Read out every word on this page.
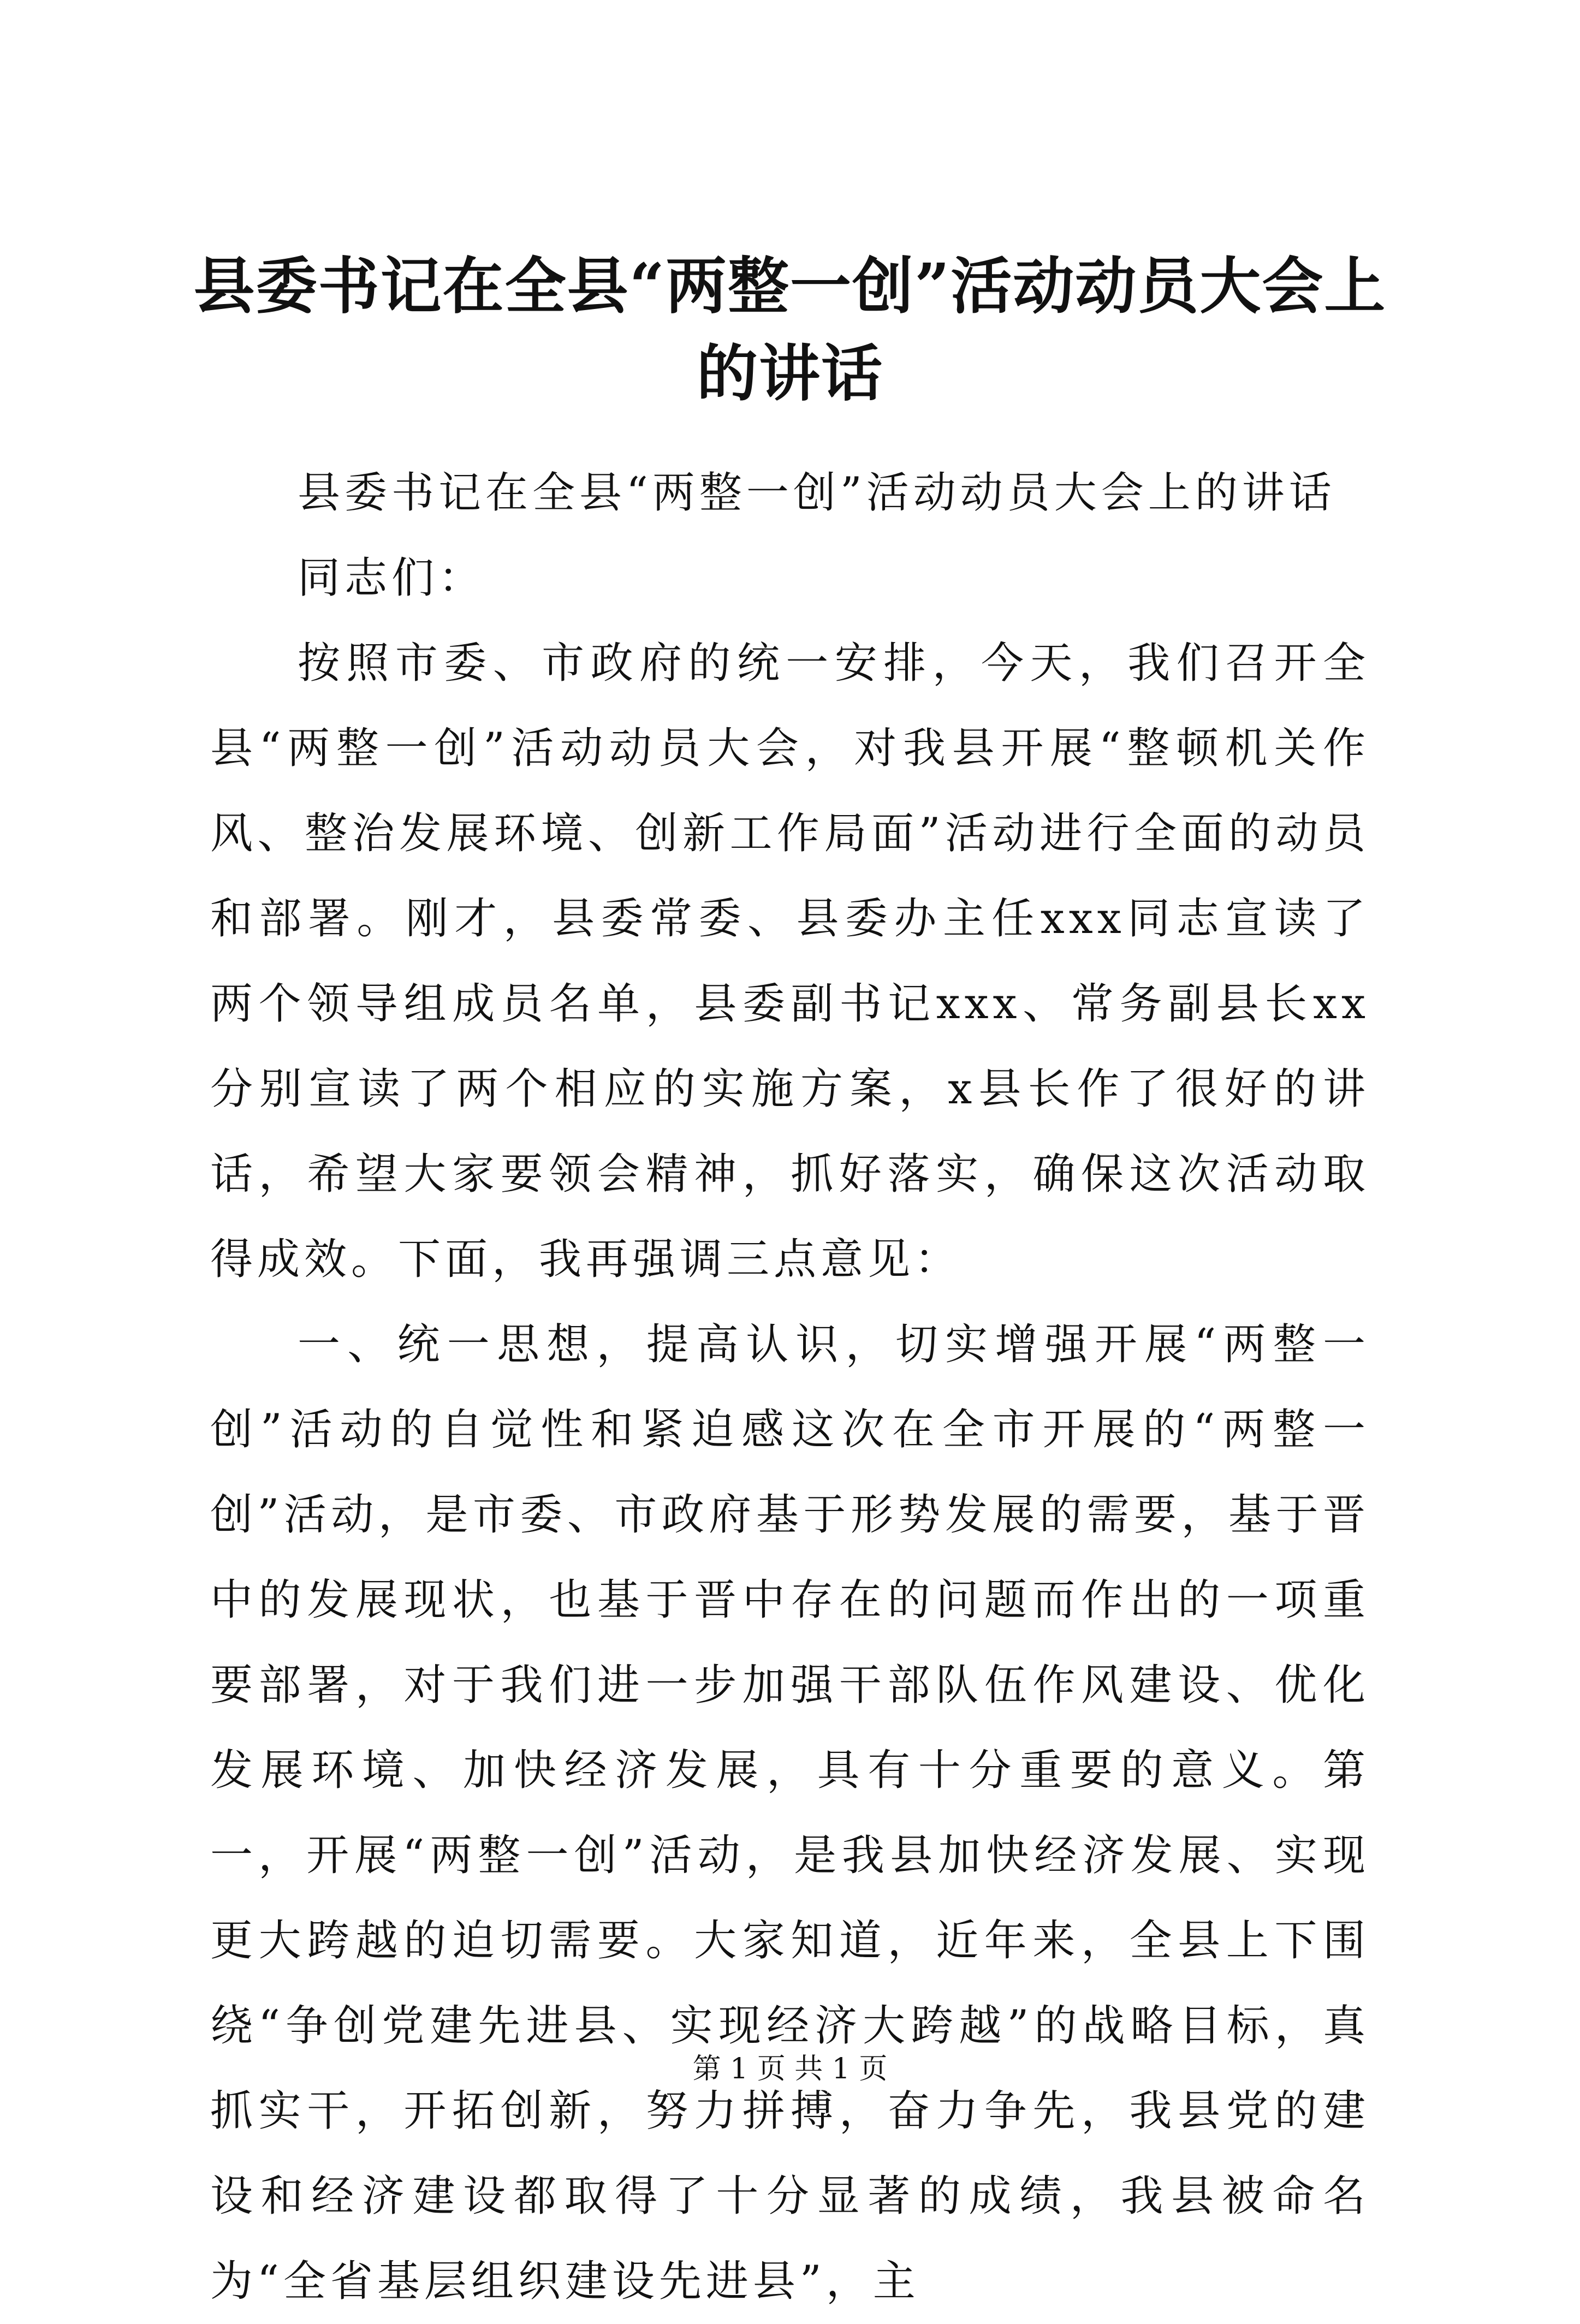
县委书记在全县“两整一创”活动动员大会上的讲话

县委书记在全县“两整一创”活动动员大会上的讲话

同志们：

按照市委、市政府的统一安排，今天，我们召开全县“两整一创”活动动员大会，对我县开展“整顿机关作风、整治发展环境、创新工作局面”活动进行全面的动员和部署。刚才，县委常委、县委办主任xxx同志宣读了两个领导组成员名单，县委副书记xxx、常务副县长xx分别宣读了两个相应的实施方案，x县长作了很好的讲话，希望大家要领会精神，抓好落实，确保这次活动取得成效。下面，我再强调三点意见：

一、统一思想，提高认识，切实增强开展“两整一创”活动的自觉性和紧迫感这次在全市开展的“两整一创”活动，是市委、市政府基于形势发展的需要，基于晋中的发展现状，也基于晋中存在的问题而作出的一项重要部署，对于我们进一步加强干部队伍作风建设、优化发展环境、加快经济发展，具有十分重要的意义。第一，开展“两整一创”活动，是我县加快经济发展、实现更大跨越的迫切需要。大家知道，近年来，全县上下围绕“争创党建先进县、实现经济大跨越”的战略目标，真抓实干，开拓创新，努力拼搏，奋力争先，我县党的建设和经济建设都取得了十分显著的成绩，我县被命名为“全省基层组织建设先进县”，主

第 1 页 共 1 页
